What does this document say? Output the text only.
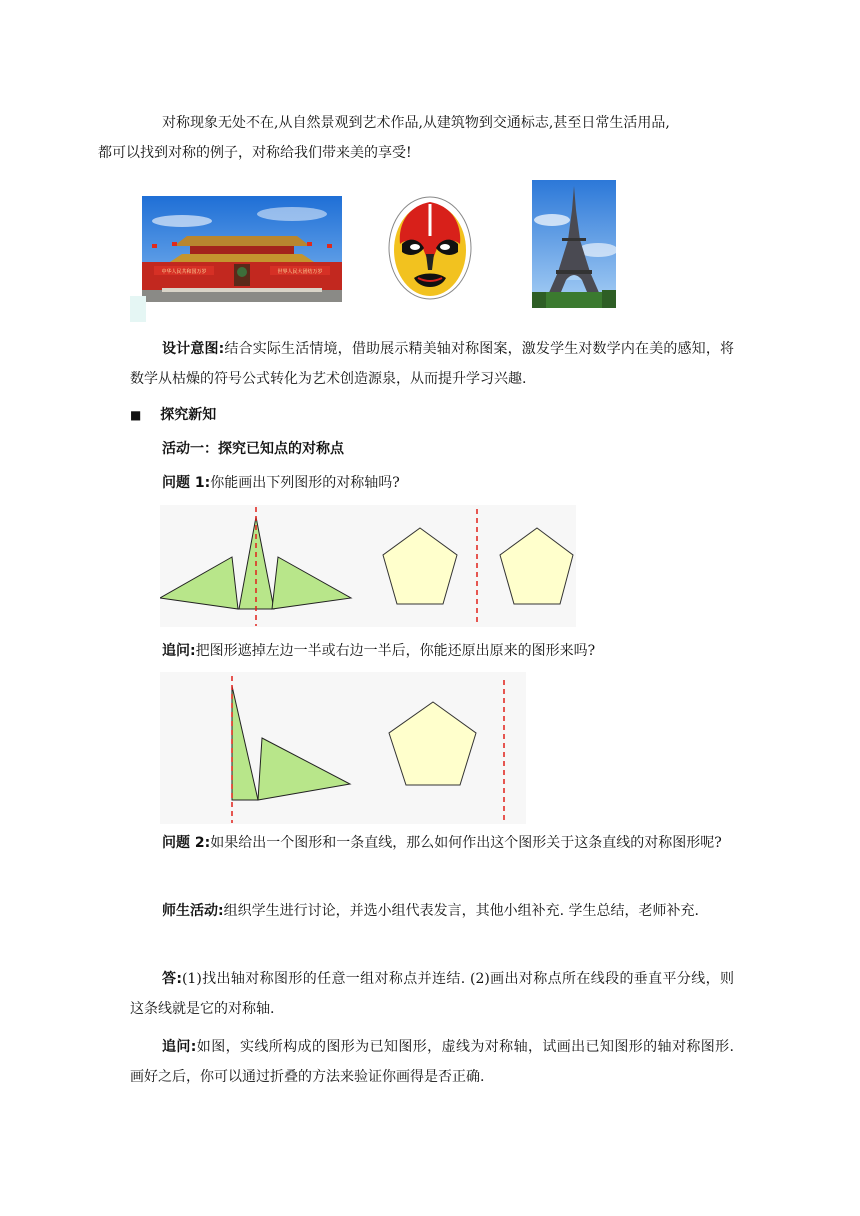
对称现象无处不在,从自然景观到艺术作品,从建筑物到交通标志,甚至日常生活用品,
都可以找到对称的例子，对称给我们带来美的享受!
中华人民共和国万岁	世界人民大团结万岁
设计意图:结合实际生活情境，借助展示精美轴对称图案，激发学生对数学内在美的感知，将数学从枯燥的符号公式转化为艺术创造源泉，从而提升学习兴趣.
■ 探究新知
活动一：探究已知点的对称点
问题 1:你能画出下列图形的对称轴吗?
追问:把图形遮掉左边一半或右边一半后，你能还原出原来的图形来吗?
问题 2:如果给出一个图形和一条直线，那么如何作出这个图形关于这条直线的对称图形呢?
师生活动:组织学生进行讨论，并选小组代表发言，其他小组补充. 学生总结，老师补充.
答:(1)找出轴对称图形的任意一组对称点并连结. (2)画出对称点所在线段的垂直平分线，则这条线就是它的对称轴.
追问:如图，实线所构成的图形为已知图形，虚线为对称轴，试画出已知图形的轴对称图形. 画好之后，你可以通过折叠的方法来验证你画得是否正确.
